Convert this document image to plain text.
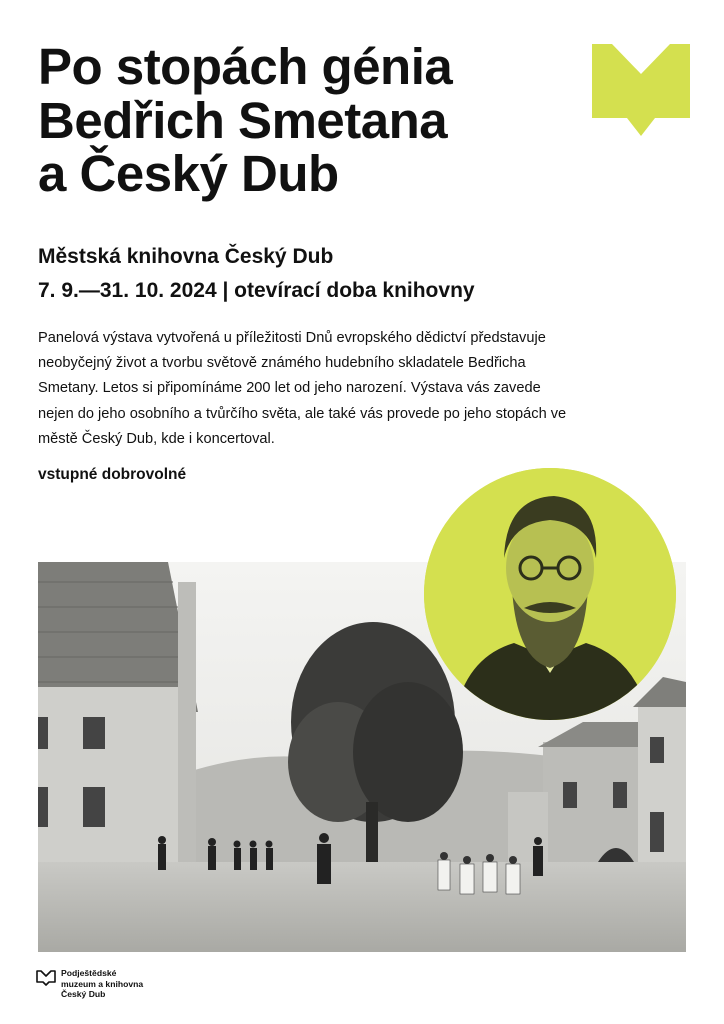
Po stopách génia
Bedřich Smetana
a Český Dub
Městská knihovna Český Dub
7. 9.—31. 10. 2024 | otevírací doba knihovny

Panelová výstava vytvořená u příležitosti Dnů evropského dědictví představuje neobyčejný život a tvorbu světově známého hudebního skladatele Bedřicha Smetany. Letos si připomínáme 200 let od jeho narození. Výstava vás zavede nejen do jeho osobního a tvůrčího světa, ale také vás provede po jeho stopách ve městě Český Dub, kde i koncertoval.

vstupné dobrovolné
Podještědské
muzeum a knihovna
Český Dub
